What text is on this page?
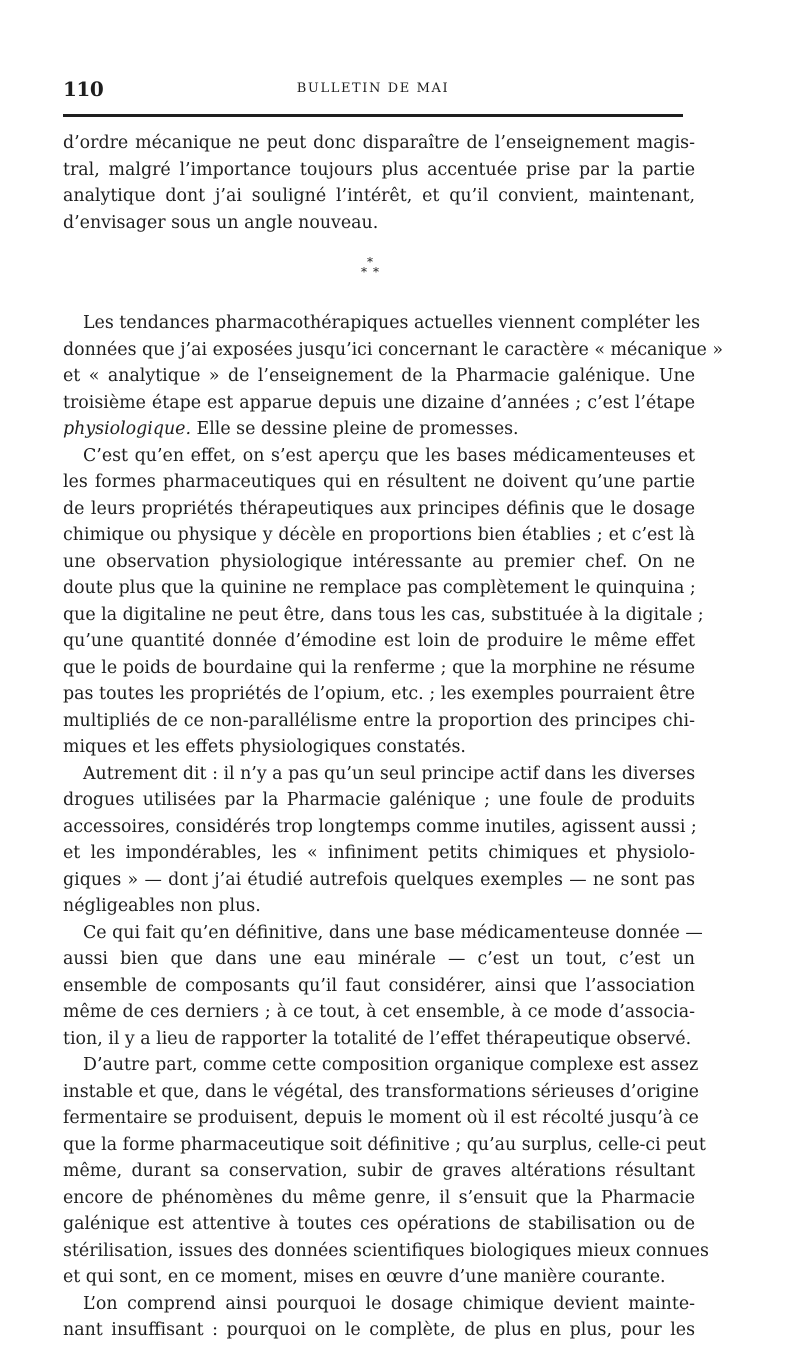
110	BULLETIN DE MAI
d’ordre mécanique ne peut donc disparaître de l’enseignement magis-
tral, malgré l’importance toujours plus accentuée prise par la partie
analytique dont j’ai souligné l’intérêt, et qu’il convient, maintenant,
d’envisager sous un angle nouveau.
*
* *
Les tendances pharmacothérapiques actuelles viennent compléter les
données que j’ai exposées jusqu’ici concernant le caractère « mécanique »
et « analytique » de l’enseignement de la Pharmacie galénique. Une
troisième étape est apparue depuis une dizaine d’années ; c’est l’étape
physiologique. Elle se dessine pleine de promesses.
C’est qu’en effet, on s’est aperçu que les bases médicamenteuses et
les formes pharmaceutiques qui en résultent ne doivent qu’une partie
de leurs propriétés thérapeutiques aux principes définis que le dosage
chimique ou physique y décèle en proportions bien établies ; et c’est là
une observation physiologique intéressante au premier chef. On ne
doute plus que la quinine ne remplace pas complètement le quinquina ;
que la digitaline ne peut être, dans tous les cas, substituée à la digitale ;
qu’une quantité donnée d’émodine est loin de produire le même effet
que le poids de bourdaine qui la renferme ; que la morphine ne résume
pas toutes les propriétés de l’opium, etc. ; les exemples pourraient être
multipliés de ce non-parallélisme entre la proportion des principes chi-
miques et les effets physiologiques constatés.
Autrement dit : il n’y a pas qu’un seul principe actif dans les diverses
drogues utilisées par la Pharmacie galénique ; une foule de produits
accessoires, considérés trop longtemps comme inutiles, agissent aussi ;
et les impondérables, les « infiniment petits chimiques et physiolo-
giques » — dont j’ai étudié autrefois quelques exemples — ne sont pas
négligeables non plus.
Ce qui fait qu’en définitive, dans une base médicamenteuse donnée —
aussi bien que dans une eau minérale — c’est un tout, c’est un
ensemble de composants qu’il faut considérer, ainsi que l’association
même de ces derniers ; à ce tout, à cet ensemble, à ce mode d’associa-
tion, il y a lieu de rapporter la totalité de l’effet thérapeutique observé.
D’autre part, comme cette composition organique complexe est assez
instable et que, dans le végétal, des transformations sérieuses d’origine
fermentaire se produisent, depuis le moment où il est récolté jusqu’à ce
que la forme pharmaceutique soit définitive ; qu’au surplus, celle-ci peut
même, durant sa conservation, subir de graves altérations résultant
encore de phénomènes du même genre, il s’ensuit que la Pharmacie
galénique est attentive à toutes ces opérations de stabilisation ou de
stérilisation, issues des données scientifiques biologiques mieux connues
et qui sont, en ce moment, mises en œuvre d’une manière courante.
L’on comprend ainsi pourquoi le dosage chimique devient mainte-
nant insuffisant : pourquoi on le complète, de plus en plus, pour les
